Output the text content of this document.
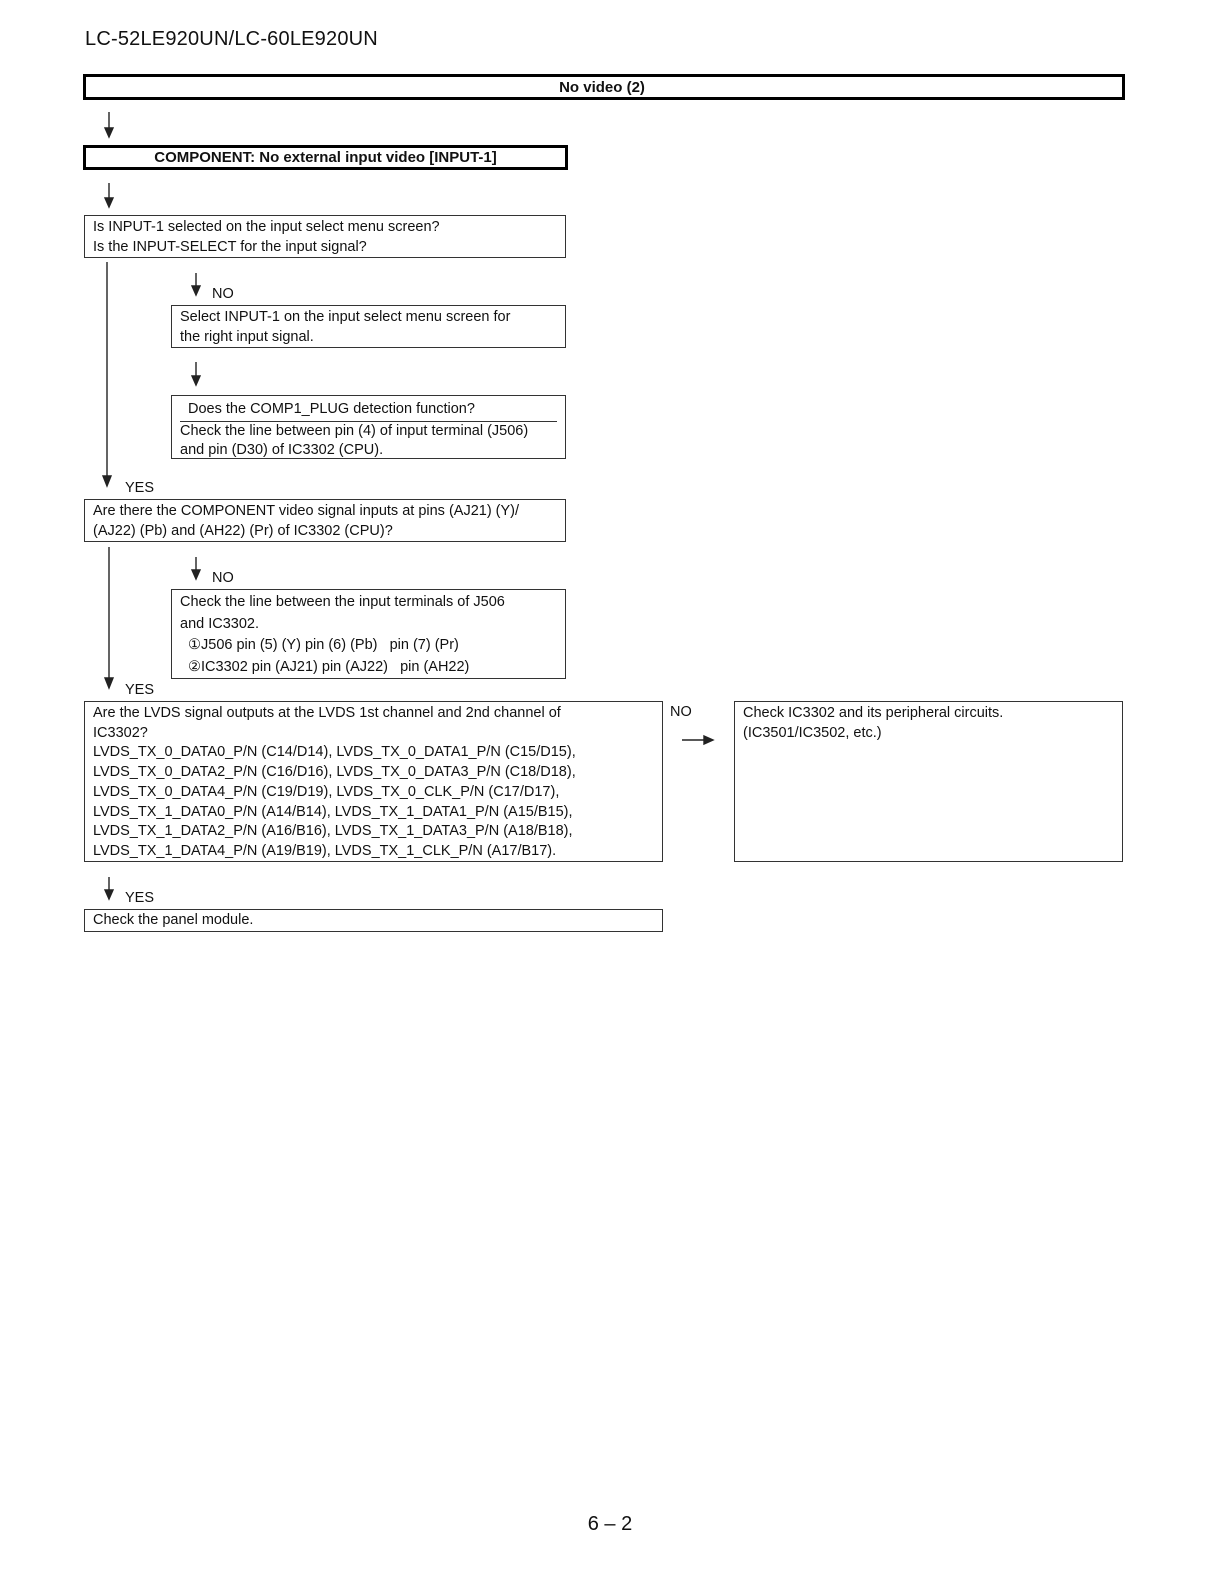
LC-52LE920UN/LC-60LE920UN
No video (2)
COMPONENT: No external input video [INPUT-1]

Is INPUT-1 selected on the input select menu screen?

Is the INPUT-SELECT for the input signal?

NO

Select INPUT-1 on the input select menu screen for

the right input signal.

Does the COMP1_PLUG detection function?

Check the line between pin (4) of input terminal (J506)

and pin (D30) of IC3302 (CPU).

YES

Are there the COMPONENT video signal inputs at pins (AJ21) (Y)/

(AJ22) (Pb) and (AH22) (Pr) of IC3302 (CPU)?

NO

Check the line between the input terminals of J506

and IC3302.

①J506 pin (5) (Y) pin (6) (Pb)   pin (7) (Pr)

②IC3302 pin (AJ21) pin (AJ22)   pin (AH22)

YES

Are the LVDS signal outputs at the LVDS 1st channel and 2nd channel of

IC3302?

LVDS_TX_0_DATA0_P/N (C14/D14), LVDS_TX_0_DATA1_P/N (C15/D15),

LVDS_TX_0_DATA2_P/N (C16/D16), LVDS_TX_0_DATA3_P/N (C18/D18),

LVDS_TX_0_DATA4_P/N (C19/D19), LVDS_TX_0_CLK_P/N (C17/D17),

LVDS_TX_1_DATA0_P/N (A14/B14), LVDS_TX_1_DATA1_P/N (A15/B15),

LVDS_TX_1_DATA2_P/N (A16/B16), LVDS_TX_1_DATA3_P/N (A18/B18),

LVDS_TX_1_DATA4_P/N (A19/B19), LVDS_TX_1_CLK_P/N (A17/B17).

NO	Check IC3302 and its peripheral circuits.

(IC3501/IC3502, etc.)

YES

Check the panel module.

6 – 2
